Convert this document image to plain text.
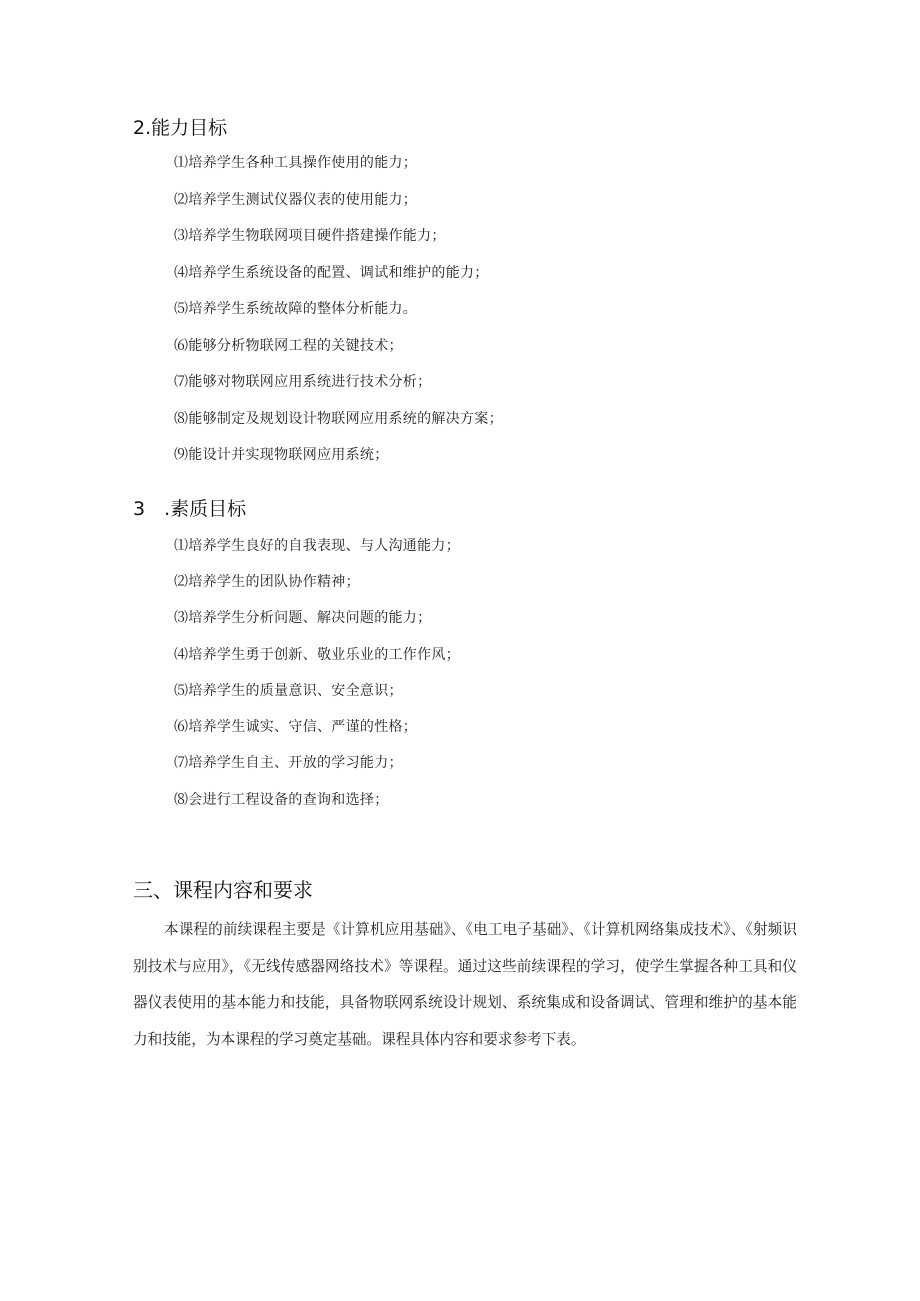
2.能力目标
⑴培养学生各种工具操作使用的能力；
⑵培养学生测试仪器仪表的使用能力；
⑶培养学生物联网项目硬件搭建操作能力；
⑷培养学生系统设备的配置、调试和维护的能力；
⑸培养学生系统故障的整体分析能力。
⑹能够分析物联网工程的关键技术；
⑺能够对物联网应用系统进行技术分析；
⑻能够制定及规划设计物联网应用系统的解决方案；
⑼能设计并实现物联网应用系统；
3　.素质目标
⑴培养学生良好的自我表现、与人沟通能力；
⑵培养学生的团队协作精神；
⑶培养学生分析问题、解决问题的能力；
⑷培养学生勇于创新、敬业乐业的工作作风；
⑸培养学生的质量意识、安全意识；
⑹培养学生诚实、守信、严谨的性格；
⑺培养学生自主、开放的学习能力；
⑻会进行工程设备的查询和选择；
三、课程内容和要求

本课程的前续课程主要是《计算机应用基础》、《电工电子基础》、《计算机网络集成技术》、《射频识别技术与应用》，《无线传感器网络技术》等课程。通过这些前续课程的学习，使学生掌握各种工具和仪器仪表使用的基本能力和技能，具备物联网系统设计规划、系统集成和设备调试、管理和维护的基本能力和技能，为本课程的学习奠定基础。课程具体内容和要求参考下表。
